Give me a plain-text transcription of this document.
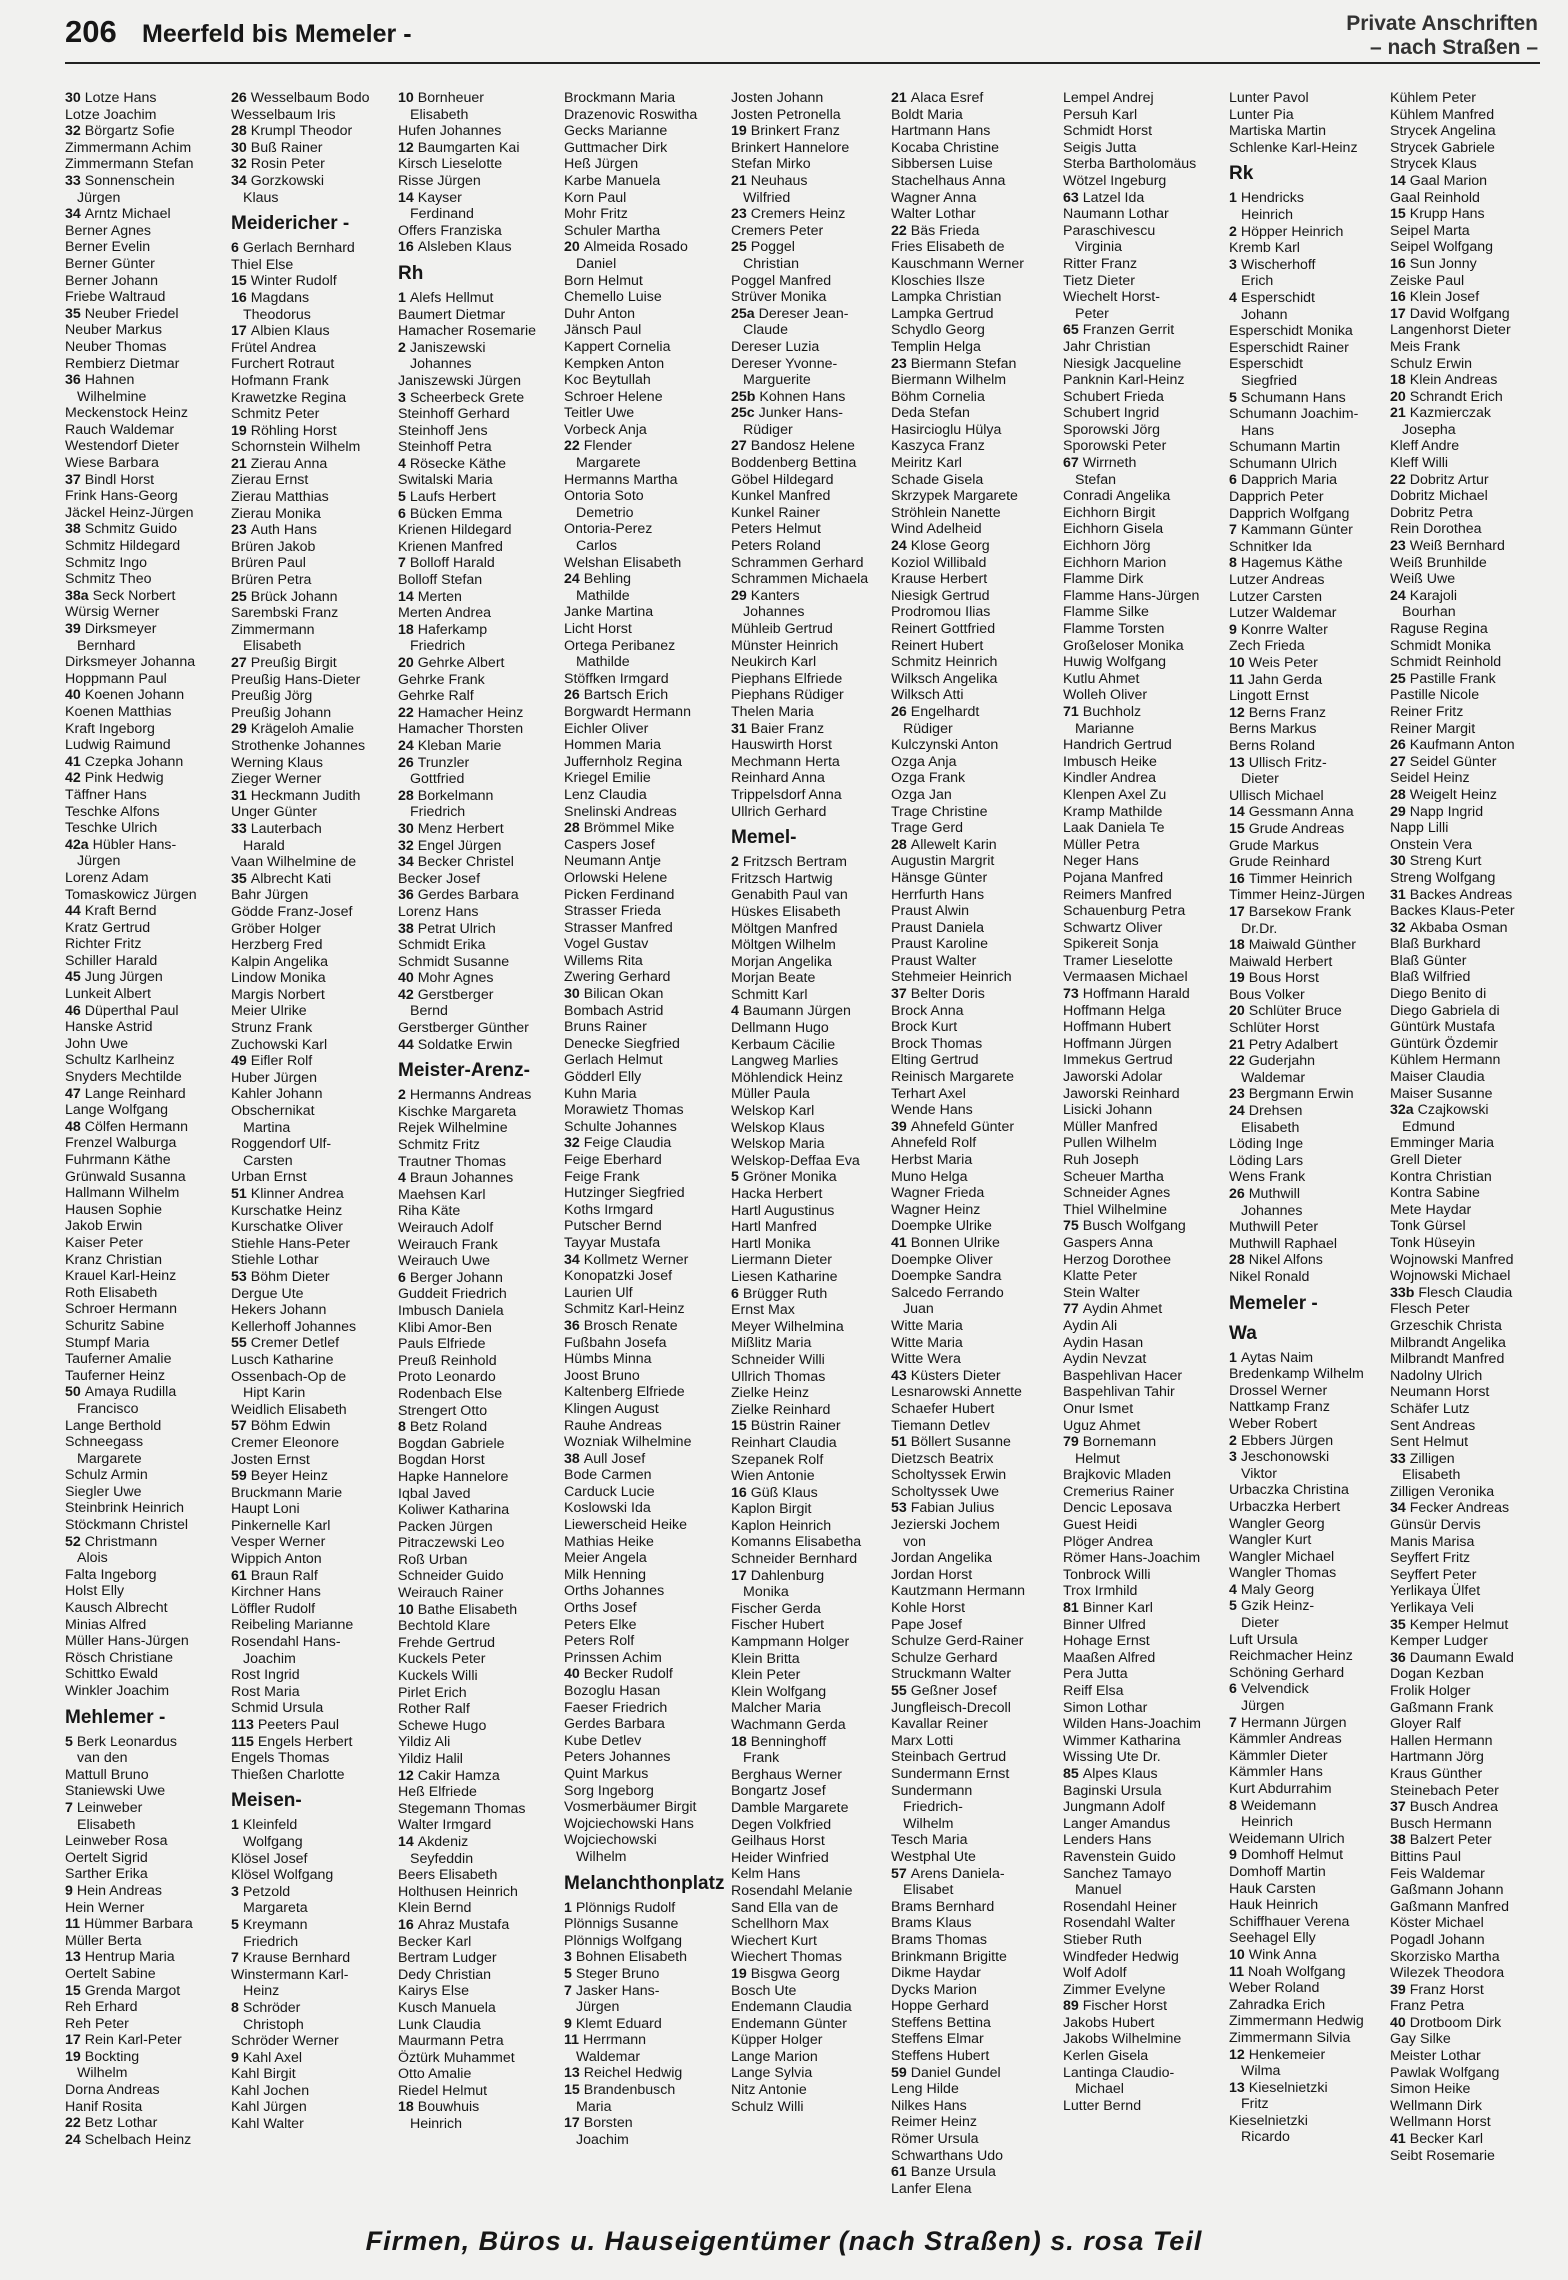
206 Meerfeld bis Memeler -	Private Anschriften
– nach Straßen –
30 Lotze Hans
Lotze Joachim
32 Börgartz Sofie
Zimmermann Achim
Zimmermann Stefan
33 Sonnenschein
Jürgen
34 Arntz Michael
Berner Agnes
Berner Evelin
Berner Günter
Berner Johann
Friebe Waltraud
35 Neuber Friedel
Neuber Markus
Neuber Thomas
Rembierz Dietmar
36 Hahnen
Wilhelmine
Meckenstock Heinz
Rauch Waldemar
Westendorf Dieter
Wiese Barbara
37 Bindl Horst
Frink Hans-Georg
Jäckel Heinz-Jürgen
38 Schmitz Guido
Schmitz Hildegard
Schmitz Ingo
Schmitz Theo
38a Seck Norbert
Würsig Werner
39 Dirksmeyer
Bernhard
Dirksmeyer Johanna
Hoppmann Paul
40 Koenen Johann
Koenen Matthias
Kraft Ingeborg
Ludwig Raimund
41 Czepka Johann
42 Pink Hedwig
Täffner Hans
Teschke Alfons
Teschke Ulrich
42a Hübler Hans-
Jürgen
Lorenz Adam
Tomaskowicz Jürgen
44 Kraft Bernd
Kratz Gertrud
Richter Fritz
Schiller Harald
45 Jung Jürgen
Lunkeit Albert
46 Düperthal Paul
Hanske Astrid
John Uwe
Schultz Karlheinz
Snyders Mechtilde
47 Lange Reinhard
Lange Wolfgang
48 Cölfen Hermann
Frenzel Walburga
Fuhrmann Käthe
Grünwald Susanna
Hallmann Wilhelm
Hausen Sophie
Jakob Erwin
Kaiser Peter
Kranz Christian
Krauel Karl-Heinz
Roth Elisabeth
Schroer Hermann
Schuritz Sabine
Stumpf Maria
Tauferner Amalie
Tauferner Heinz
50 Amaya Rudilla
Francisco
Lange Berthold
Schneegass
Margarete
Schulz Armin
Siegler Uwe
Steinbrink Heinrich
Stöckmann Christel
52 Christmann
Alois
Falta Ingeborg
Holst Elly
Kausch Albrecht
Minias Alfred
Müller Hans-Jürgen
Rösch Christiane
Schittko Ewald
Winkler Joachim
Mehlemer -
5 Berk Leonardus
van den
Mattull Bruno
Staniewski Uwe
7 Leinweber
Elisabeth
Leinweber Rosa
Oertelt Sigrid
Sarther Erika
9 Hein Andreas
Hein Werner
11 Hümmer Barbara
Müller Berta
13 Hentrup Maria
Oertelt Sabine
15 Grenda Margot
Reh Erhard
Reh Peter
17 Rein Karl-Peter
19 Bockting
Wilhelm
Dorna Andreas
Hanif Rosita
22 Betz Lothar
24 Schelbach Heinz
26 Wesselbaum Bodo
Wesselbaum Iris
28 Krumpl Theodor
30 Buß Rainer
32 Rosin Peter
34 Gorzkowski
Klaus
Meidericher -
6 Gerlach Bernhard
Thiel Else
15 Winter Rudolf
16 Magdans
Theodorus
17 Albien Klaus
Frütel Andrea
Furchert Rotraut
Hofmann Frank
Krawetzke Regina
Schmitz Peter
19 Röhling Horst
Schornstein Wilhelm
21 Zierau Anna
Zierau Ernst
Zierau Matthias
Zierau Monika
23 Auth Hans
Brüren Jakob
Brüren Paul
Brüren Petra
25 Brück Johann
Sarembski Franz
Zimmermann
Elisabeth
27 Preußig Birgit
Preußig Hans-Dieter
Preußig Jörg
Preußig Johann
29 Krägeloh Amalie
Strothenke Johannes
Werning Klaus
Zieger Werner
31 Heckmann Judith
Unger Günter
33 Lauterbach
Harald
Vaan Wilhelmine de
35 Albrecht Kati
Bahr Jürgen
Gödde Franz-Josef
Gröber Holger
Herzberg Fred
Kalpin Angelika
Lindow Monika
Margis Norbert
Meier Ulrike
Strunz Frank
Zuchowski Karl
49 Eifler Rolf
Huber Jürgen
Kahler Johann
Obschernikat
Martina
Roggendorf Ulf-
Carsten
Urban Ernst
51 Klinner Andrea
Kurschatke Heinz
Kurschatke Oliver
Stiehle Hans-Peter
Stiehle Lothar
53 Böhm Dieter
Dergue Ute
Hekers Johann
Kellerhoff Johannes
55 Cremer Detlef
Lusch Katharine
Ossenbach-Op de
Hipt Karin
Weidlich Elisabeth
57 Böhm Edwin
Cremer Eleonore
Josten Ernst
59 Beyer Heinz
Bruckmann Marie
Haupt Loni
Pinkernelle Karl
Vesper Werner
Wippich Anton
61 Braun Ralf
Kirchner Hans
Löffler Rudolf
Reibeling Marianne
Rosendahl Hans-
Joachim
Rost Ingrid
Rost Maria
Schmid Ursula
113 Peeters Paul
115 Engels Herbert
Engels Thomas
Thießen Charlotte
Meisen-
1 Kleinfeld
Wolfgang
Klösel Josef
Klösel Wolfgang
3 Petzold
Margareta
5 Kreymann
Friedrich
7 Krause Bernhard
Winstermann Karl-
Heinz
8 Schröder
Christoph
Schröder Werner
9 Kahl Axel
Kahl Birgit
Kahl Jochen
Kahl Jürgen
Kahl Walter
10 Bornheuer
Elisabeth
Hufen Johannes
12 Baumgarten Kai
Kirsch Lieselotte
Risse Jürgen
14 Kayser
Ferdinand
Offers Franziska
16 Alsleben Klaus
Rh
1 Alefs Hellmut
Baumert Dietmar
Hamacher Rosemarie
2 Janiszewski
Johannes
Janiszewski Jürgen
3 Scheerbeck Grete
Steinhoff Gerhard
Steinhoff Jens
Steinhoff Petra
4 Rösecke Käthe
Switalski Maria
5 Laufs Herbert
6 Bücken Emma
Krienen Hildegard
Krienen Manfred
7 Bolloff Harald
Bolloff Stefan
14 Merten
Merten Andrea
18 Haferkamp
Friedrich
20 Gehrke Albert
Gehrke Frank
Gehrke Ralf
22 Hamacher Heinz
Hamacher Thorsten
24 Kleban Marie
26 Trunzler
Gottfried
28 Borkelmann
Friedrich
30 Menz Herbert
32 Engel Jürgen
34 Becker Christel
Becker Josef
36 Gerdes Barbara
Lorenz Hans
38 Petrat Ulrich
Schmidt Erika
Schmidt Susanne
40 Mohr Agnes
42 Gerstberger
Bernd
Gerstberger Günther
44 Soldatke Erwin
Meister-Arenz-
2 Hermanns Andreas
Kischke Margareta
Rejek Wilhelmine
Schmitz Fritz
Trautner Thomas
4 Braun Johannes
Maehsen Karl
Riha Käte
Weirauch Adolf
Weirauch Frank
Weirauch Uwe
6 Berger Johann
Guddeit Friedrich
Imbusch Daniela
Klibi Amor-Ben
Pauls Elfriede
Preuß Reinhold
Proto Leonardo
Rodenbach Else
Strengert Otto
8 Betz Roland
Bogdan Gabriele
Bogdan Horst
Hapke Hannelore
Iqbal Javed
Koliwer Katharina
Packen Jürgen
Pitraczewski Leo
Roß Urban
Schneider Guido
Weirauch Rainer
10 Bathe Elisabeth
Bechtold Klare
Frehde Gertrud
Kuckels Peter
Kuckels Willi
Pirlet Erich
Rother Ralf
Schewe Hugo
Yildiz Ali
Yildiz Halil
12 Cakir Hamza
Heß Elfriede
Stegemann Thomas
Walter Irmgard
14 Akdeniz
Seyfeddin
Beers Elisabeth
Holthusen Heinrich
Klein Bernd
16 Ahraz Mustafa
Becker Karl
Bertram Ludger
Dedy Christian
Kairys Else
Kusch Manuela
Lunk Claudia
Maurmann Petra
Öztürk Muhammet
Otto Amalie
Riedel Helmut
18 Bouwhuis
Heinrich
Brockmann Maria
Drazenovic Roswitha
Gecks Marianne
Guttmacher Dirk
Heß Jürgen
Karbe Manuela
Korn Paul
Mohr Fritz
Schuler Martha
20 Almeida Rosado
Daniel
Born Helmut
Chemello Luise
Duhr Anton
Jänsch Paul
Kappert Cornelia
Kempken Anton
Koc Beytullah
Schroer Helene
Teitler Uwe
Vorbeck Anja
22 Flender
Margarete
Hermanns Martha
Ontoria Soto
Demetrio
Ontoria-Perez
Carlos
Welshan Elisabeth
24 Behling
Mathilde
Janke Martina
Licht Horst
Ortega Peribanez
Mathilde
Stöffken Irmgard
26 Bartsch Erich
Borgwardt Hermann
Eichler Oliver
Hommen Maria
Juffernholz Regina
Kriegel Emilie
Lenz Claudia
Snelinski Andreas
28 Brömmel Mike
Caspers Josef
Neumann Antje
Orlowski Helene
Picken Ferdinand
Strasser Frieda
Strasser Manfred
Vogel Gustav
Willems Rita
Zwering Gerhard
30 Bilican Okan
Bombach Astrid
Bruns Rainer
Denecke Siegfried
Gerlach Helmut
Gödderl Elly
Kuhn Maria
Morawietz Thomas
Schulte Johannes
32 Feige Claudia
Feige Eberhard
Feige Frank
Hutzinger Siegfried
Koths Irmgard
Putscher Bernd
Tayyar Mustafa
34 Kollmetz Werner
Konopatzki Josef
Laurien Ulf
Schmitz Karl-Heinz
36 Brosch Renate
Fußbahn Josefa
Hümbs Minna
Joost Bruno
Kaltenberg Elfriede
Klingen August
Rauhe Andreas
Wozniak Wilhelmine
38 Aull Josef
Bode Carmen
Carduck Lucie
Koslowski Ida
Liewerscheid Heike
Mathias Heike
Meier Angela
Milk Henning
Orths Johannes
Orths Josef
Peters Elke
Peters Rolf
Prinssen Achim
40 Becker Rudolf
Bozoglu Hasan
Faeser Friedrich
Gerdes Barbara
Kube Detlev
Peters Johannes
Quint Markus
Sorg Ingeborg
Vosmerbäumer Birgit
Wojciechowski Hans
Wojciechowski
Wilhelm
Melanchthonplatz
1 Plönnigs Rudolf
Plönnigs Susanne
Plönnigs Wolfgang
3 Bohnen Elisabeth
5 Steger Bruno
7 Jasker Hans-
Jürgen
9 Klemt Eduard
11 Herrmann
Waldemar
13 Reichel Hedwig
15 Brandenbusch
Maria
17 Borsten
Joachim
Josten Johann
Josten Petronella
19 Brinkert Franz
Brinkert Hannelore
Stefan Mirko
21 Neuhaus
Wilfried
23 Cremers Heinz
Cremers Peter
25 Poggel
Christian
Poggel Manfred
Strüver Monika
25a Dereser Jean-
Claude
Dereser Luzia
Dereser Yvonne-
Marguerite
25b Kohnen Hans
25c Junker Hans-
Rüdiger
27 Bandosz Helene
Boddenberg Bettina
Göbel Hildegard
Kunkel Manfred
Kunkel Rainer
Peters Helmut
Peters Roland
Schrammen Gerhard
Schrammen Michaela
29 Kanters
Johannes
Mühleib Gertrud
Münster Heinrich
Neukirch Karl
Piephans Elfriede
Piephans Rüdiger
Thelen Maria
31 Baier Franz
Hauswirth Horst
Mechmann Herta
Reinhard Anna
Trippelsdorf Anna
Ullrich Gerhard
Memel-
2 Fritzsch Bertram
Fritzsch Hartwig
Genabith Paul van
Hüskes Elisabeth
Möltgen Manfred
Möltgen Wilhelm
Morjan Angelika
Morjan Beate
Schmitt Karl
4 Baumann Jürgen
Dellmann Hugo
Kerbaum Cäcilie
Langweg Marlies
Möhlendick Heinz
Müller Paula
Welskop Karl
Welskop Klaus
Welskop Maria
Welskop-Deffaa Eva
5 Gröner Monika
Hacka Herbert
Hartl Augustinus
Hartl Manfred
Hartl Monika
Liermann Dieter
Liesen Katharine
6 Brügger Ruth
Ernst Max
Meyer Wilhelmina
Mißlitz Maria
Schneider Willi
Ullrich Thomas
Zielke Heinz
Zielke Reinhard
15 Büstrin Rainer
Reinhart Claudia
Szepanek Rolf
Wien Antonie
16 Güß Klaus
Kaplon Birgit
Kaplon Heinrich
Komanns Elisabetha
Schneider Bernhard
17 Dahlenburg
Monika
Fischer Gerda
Fischer Hubert
Kampmann Holger
Klein Britta
Klein Peter
Klein Wolfgang
Malcher Maria
Wachmann Gerda
18 Benninghoff
Frank
Berghaus Werner
Bongartz Josef
Damble Margarete
Degen Volkfried
Geilhaus Horst
Heider Winfried
Kelm Hans
Rosendahl Melanie
Sand Ella van de
Schellhorn Max
Wiechert Kurt
Wiechert Thomas
19 Bisgwa Georg
Bosch Ute
Endemann Claudia
Endemann Günter
Küpper Holger
Lange Marion
Lange Sylvia
Nitz Antonie
Schulz Willi
21 Alaca Esref
Boldt Maria
Hartmann Hans
Kocaba Christine
Sibbersen Luise
Stachelhaus Anna
Wagner Anna
Walter Lothar
22 Bäs Frieda
Fries Elisabeth de
Kauschmann Werner
Kloschies Ilsze
Lampka Christian
Lampka Gertrud
Schydlo Georg
Templin Helga
23 Biermann Stefan
Biermann Wilhelm
Böhm Cornelia
Deda Stefan
Hasircioglu Hülya
Kaszyca Franz
Meiritz Karl
Schade Gisela
Skrzypek Margarete
Ströhlein Nanette
Wind Adelheid
24 Klose Georg
Koziol Willibald
Krause Herbert
Niesigk Gertrud
Prodromou Ilias
Reinert Gottfried
Reinert Hubert
Schmitz Heinrich
Wilksch Angelika
Wilksch Atti
26 Engelhardt
Rüdiger
Kulczynski Anton
Ozga Anja
Ozga Frank
Ozga Jan
Trage Christine
Trage Gerd
28 Allewelt Karin
Augustin Margrit
Hänsge Günter
Herrfurth Hans
Praust Alwin
Praust Daniela
Praust Karoline
Praust Walter
Stehmeier Heinrich
37 Belter Doris
Brock Anna
Brock Kurt
Brock Thomas
Elting Gertrud
Reinisch Margarete
Terhart Axel
Wende Hans
39 Ahnefeld Günter
Ahnefeld Rolf
Herbst Maria
Muno Helga
Wagner Frieda
Wagner Heinz
Doempke Ulrike
41 Bonnen Ulrike
Doempke Oliver
Doempke Sandra
Salcedo Ferrando
Juan
Witte Maria
Witte Maria
Witte Wera
43 Küsters Dieter
Lesnarowski Annette
Schaefer Hubert
Tiemann Detlev
51 Böllert Susanne
Dietzsch Beatrix
Scholtyssek Erwin
Scholtyssek Uwe
53 Fabian Julius
Jezierski Jochem
von
Jordan Angelika
Jordan Horst
Kautzmann Hermann
Kohle Horst
Pape Josef
Schulze Gerd-Rainer
Schulze Gerhard
Struckmann Walter
55 Geßner Josef
Jungfleisch-Drecoll
Kavallar Reiner
Marx Lotti
Steinbach Gertrud
Sundermann Ernst
Sundermann
Friedrich-
Wilhelm
Tesch Maria
Westphal Ute
57 Arens Daniela-
Elisabet
Brams Bernhard
Brams Klaus
Brams Thomas
Brinkmann Brigitte
Dikme Haydar
Dycks Marion
Hoppe Gerhard
Steffens Bettina
Steffens Elmar
Steffens Hubert
59 Daniel Gundel
Leng Hilde
Nilkes Hans
Reimer Heinz
Römer Ursula
Schwarthans Udo
61 Banze Ursula
Lanfer Elena
Lempel Andrej
Persuh Karl
Schmidt Horst
Seigis Jutta
Sterba Bartholomäus
Wötzel Ingeburg
63 Latzel Ida
Naumann Lothar
Paraschivescu
Virginia
Ritter Franz
Tietz Dieter
Wiechelt Horst-
Peter
65 Franzen Gerrit
Jahr Christian
Niesigk Jacqueline
Panknin Karl-Heinz
Schubert Frieda
Schubert Ingrid
Sporowski Jörg
Sporowski Peter
67 Wirrneth
Stefan
Conradi Angelika
Eichhorn Birgit
Eichhorn Gisela
Eichhorn Jörg
Eichhorn Marion
Flamme Dirk
Flamme Hans-Jürgen
Flamme Silke
Flamme Torsten
Großeloser Monika
Huwig Wolfgang
Kutlu Ahmet
Wolleh Oliver
71 Buchholz
Marianne
Handrich Gertrud
Imbusch Heike
Kindler Andrea
Klenpen Axel Zu
Kramp Mathilde
Laak Daniela Te
Müller Petra
Neger Hans
Pojana Manfred
Reimers Manfred
Schauenburg Petra
Schwartz Oliver
Spikereit Sonja
Tramer Lieselotte
Vermaasen Michael
73 Hoffmann Harald
Hoffmann Helga
Hoffmann Hubert
Hoffmann Jürgen
Immekus Gertrud
Jaworski Adolar
Jaworski Reinhard
Lisicki Johann
Müller Manfred
Pullen Wilhelm
Ruh Joseph
Scheuer Martha
Schneider Agnes
Thiel Wilhelmine
75 Busch Wolfgang
Gaspers Anna
Herzog Dorothee
Klatte Peter
Stein Walter
77 Aydin Ahmet
Aydin Ali
Aydin Hasan
Aydin Nevzat
Baspehlivan Hacer
Baspehlivan Tahir
Onur Ismet
Uguz Ahmet
79 Bornemann
Helmut
Brajkovic Mladen
Cremerius Rainer
Dencic Leposava
Guest Heidi
Plöger Andrea
Römer Hans-Joachim
Tonbrock Willi
Trox Irmhild
81 Binner Karl
Binner Ulfred
Hohage Ernst
Maaßen Alfred
Pera Jutta
Reiff Elsa
Simon Lothar
Wilden Hans-Joachim
Wimmer Katharina
Wissing Ute Dr.
85 Alpes Klaus
Baginski Ursula
Jungmann Adolf
Langer Amandus
Lenders Hans
Ravenstein Guido
Sanchez Tamayo
Manuel
Rosendahl Heiner
Rosendahl Walter
Stieber Ruth
Windfeder Hedwig
Wolf Adolf
Zimmer Evelyne
89 Fischer Horst
Jakobs Hubert
Jakobs Wilhelmine
Kerlen Gisela
Lantinga Claudio-
Michael
Lutter Bernd
Lunter Pavol
Lunter Pia
Martiska Martin
Schlenke Karl-Heinz
Rk
1 Hendricks
Heinrich
2 Höpper Heinrich
Kremb Karl
3 Wischerhoff
Erich
4 Esperschidt
Johann
Esperschidt Monika
Esperschidt Rainer
Esperschidt
Siegfried
5 Schumann Hans
Schumann Joachim-
Hans
Schumann Martin
Schumann Ulrich
6 Dapprich Maria
Dapprich Peter
Dapprich Wolfgang
7 Kammann Günter
Schnitker Ida
8 Hagemus Käthe
Lutzer Andreas
Lutzer Carsten
Lutzer Waldemar
9 Konrre Walter
Zech Frieda
10 Weis Peter
11 Jahn Gerda
Lingott Ernst
12 Berns Franz
Berns Markus
Berns Roland
13 Ullisch Fritz-
Dieter
Ullisch Michael
14 Gessmann Anna
15 Grude Andreas
Grude Markus
Grude Reinhard
16 Timmer Heinrich
Timmer Heinz-Jürgen
17 Barsekow Frank
Dr.Dr.
18 Maiwald Günther
Maiwald Herbert
19 Bous Horst
Bous Volker
20 Schlüter Bruce
Schlüter Horst
21 Petry Adalbert
22 Guderjahn
Waldemar
23 Bergmann Erwin
24 Drehsen
Elisabeth
Löding Inge
Löding Lars
Wens Frank
26 Muthwill
Johannes
Muthwill Peter
Muthwill Raphael
28 Nikel Alfons
Nikel Ronald
Memeler -
Wa
1 Aytas Naim
Bredenkamp Wilhelm
Drossel Werner
Nattkamp Franz
Weber Robert
2 Ebbers Jürgen
3 Jeschonowski
Viktor
Urbaczka Christina
Urbaczka Herbert
Wangler Georg
Wangler Kurt
Wangler Michael
Wangler Thomas
4 Maly Georg
5 Gzik Heinz-
Dieter
Luft Ursula
Reichmacher Heinz
Schöning Gerhard
6 Velvendick
Jürgen
7 Hermann Jürgen
Kämmler Andreas
Kämmler Dieter
Kämmler Hans
Kurt Abdurrahim
8 Weidemann
Heinrich
Weidemann Ulrich
9 Domhoff Helmut
Domhoff Martin
Hauk Carsten
Hauk Heinrich
Schiffhauer Verena
Seehagel Elly
10 Wink Anna
11 Noah Wolfgang
Weber Roland
Zahradka Erich
Zimmermann Hedwig
Zimmermann Silvia
12 Henkemeier
Wilma
13 Kieselnietzki
Fritz
Kieselnietzki
Ricardo
Kühlem Peter
Kühlem Manfred
Strycek Angelina
Strycek Gabriele
Strycek Klaus
14 Gaal Marion
Gaal Reinhold
15 Krupp Hans
Seipel Marta
Seipel Wolfgang
16 Sun Jonny
Zeiske Paul
16 Klein Josef
17 David Wolfgang
Langenhorst Dieter
Meis Frank
Schulz Erwin
18 Klein Andreas
20 Schrandt Erich
21 Kazmierczak
Josepha
Kleff Andre
Kleff Willi
22 Dobritz Artur
Dobritz Michael
Dobritz Petra
Rein Dorothea
23 Weiß Bernhard
Weiß Brunhilde
Weiß Uwe
24 Karajoli
Bourhan
Raguse Regina
Schmidt Monika
Schmidt Reinhold
25 Pastille Frank
Pastille Nicole
Reiner Fritz
Reiner Margit
26 Kaufmann Anton
27 Seidel Günter
Seidel Heinz
28 Weigelt Heinz
29 Napp Ingrid
Napp Lilli
Onstein Vera
30 Streng Kurt
Streng Wolfgang
31 Backes Andreas
Backes Klaus-Peter
32 Akbaba Osman
Blaß Burkhard
Blaß Günter
Blaß Wilfried
Diego Benito di
Diego Gabriela di
Güntürk Mustafa
Güntürk Özdemir
Kühlem Hermann
Maiser Claudia
Maiser Susanne
32a Czajkowski
Edmund
Emminger Maria
Grell Dieter
Kontra Christian
Kontra Sabine
Mete Haydar
Tonk Gürsel
Tonk Hüseyin
Wojnowski Manfred
Wojnowski Michael
33b Flesch Claudia
Flesch Peter
Grzeschik Christa
Milbrandt Angelika
Milbrandt Manfred
Nadolny Ulrich
Neumann Horst
Schäfer Lutz
Sent Andreas
Sent Helmut
33 Zilligen
Elisabeth
Zilligen Veronika
34 Fecker Andreas
Günsür Dervis
Manis Marisa
Seyffert Fritz
Seyffert Peter
Yerlikaya Ülfet
Yerlikaya Veli
35 Kemper Helmut
Kemper Ludger
36 Daumann Ewald
Dogan Kezban
Frolik Holger
Gaßmann Frank
Gloyer Ralf
Hallen Hermann
Hartmann Jörg
Kraus Günther
Steinebach Peter
37 Busch Andrea
Busch Hermann
38 Balzert Peter
Bittins Paul
Feis Waldemar
Gaßmann Johann
Gaßmann Manfred
Köster Michael
Pogadl Johann
Skorzisko Martha
Wilezek Theodora
39 Franz Horst
Franz Petra
40 Drotboom Dirk
Gay Silke
Meister Lothar
Pawlak Wolfgang
Simon Heike
Wellmann Dirk
Wellmann Horst
41 Becker Karl
Seibt Rosemarie
Firmen, Büros u. Hauseigentümer (nach Straßen) s. rosa Teil
